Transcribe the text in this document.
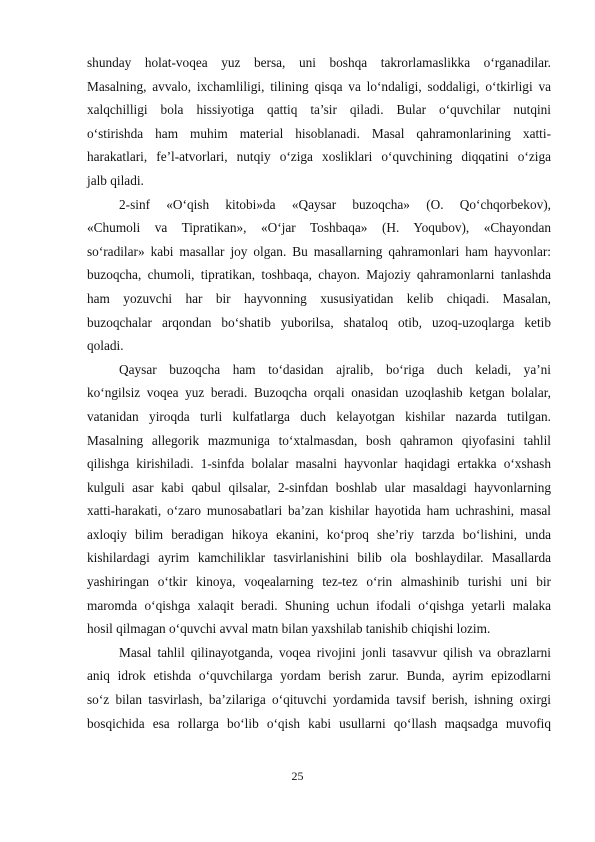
shunday holat-voqea yuz bersa, uni boshqa takrorlamaslikka o‘rganadilar.
Masalning, avvalo, ixchamliligi, tilining qisqa va lo‘ndaligi, soddaligi, o‘tkirligi va
xalqchilligi bola hissiyotiga qattiq ta’sir qiladi. Bular o‘quvchilar nutqini
o‘stirishda ham muhim material hisoblanadi. Masal qahramonlarining xatti-
harakatlari, fe’l-atvorlari, nutqiy o‘ziga xosliklari o‘quvchining diqqatini o‘ziga
jalb qiladi.
2-sinf «O‘qish kitobi»da «Qaysar buzoqcha» (O. Qo‘chqorbekov),
«Chumoli va Tipratikan», «O‘jar Toshbaqa» (H. Yoqubov), «Chayondan
so‘radilar» kabi masallar joy olgan. Bu masallarning qahramonlari ham hayvonlar:
buzoqcha, chumoli, tipratikan, toshbaqa, chayon. Majoziy qahramonlarni tanlashda
ham yozuvchi har bir hayvonning xususiyatidan kelib chiqadi. Masalan,
buzoqchalar arqondan bo‘shatib yuborilsa, shataloq otib, uzoq-uzoqlarga ketib
qoladi.
Qaysar buzoqcha ham to‘dasidan ajralib, bo‘riga duch keladi, ya’ni
ko‘ngilsiz voqea yuz beradi. Buzoqcha orqali onasidan uzoqlashib ketgan bolalar,
vatanidan yiroqda turli kulfatlarga duch kelayotgan kishilar nazarda tutilgan.
Masalning allegorik mazmuniga to‘xtalmasdan, bosh qahramon qiyofasini tahlil
qilishga kirishiladi. 1-sinfda bolalar masalni hayvonlar haqidagi ertakka o‘xshash
kulguli asar kabi qabul qilsalar, 2-sinfdan boshlab ular masaldagi hayvonlarning
xatti-harakati, o‘zaro munosabatlari ba’zan kishilar hayotida ham uchrashini, masal
axloqiy bilim beradigan hikoya ekanini, ko‘proq she’riy tarzda bo‘lishini, unda
kishilardagi ayrim kamchiliklar tasvirlanishini bilib ola boshlaydilar. Masallarda
yashiringan o‘tkir kinoya, voqealarning tez-tez o‘rin almashinib turishi uni bir
maromda o‘qishga xalaqit beradi. Shuning uchun ifodali o‘qishga yetarli malaka
hosil qilmagan o‘quvchi avval matn bilan yaxshilab tanishib chiqishi lozim.
Masal tahlil qilinayotganda, voqea rivojini jonli tasavvur qilish va obrazlarni
aniq idrok etishda o‘quvchilarga yordam berish zarur. Bunda, ayrim epizodlarni
so‘z bilan tasvirlash, ba’zilariga o‘qituvchi yordamida tavsif berish, ishning oxirgi
bosqichida esa rollarga bo‘lib o‘qish kabi usullarni qo‘llash maqsadga muvofiq
25
